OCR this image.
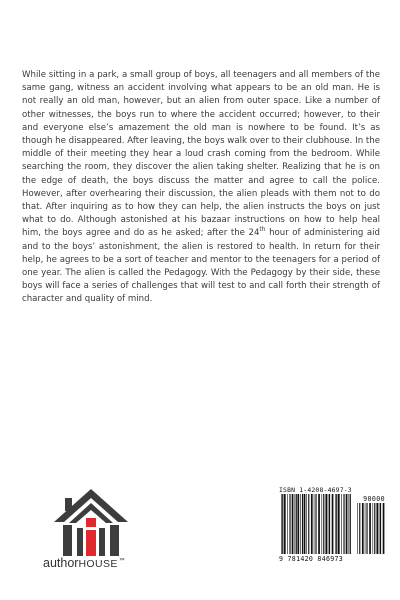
While sitting in a park, a small group of boys, all teenagers and all members of the same gang, witness an accident involving what appears to be an old man. He is not really an old man, however, but an alien from outer space. Like a number of other witnesses, the boys run to where the accident occurred; however, to their and everyone else’s amazement the old man is nowhere to be found. It’s as though he disappeared. After leaving, the boys walk over to their clubhouse. In the middle of their meeting they hear a loud crash coming from the bedroom. While searching the room, they discover the alien taking shelter. Realizing that he is on the edge of death, the boys discuss the matter and agree to call the police. However, after overhearing their discussion, the alien pleads with them not to do that. After inquiring as to how they can help, the alien instructs the boys on just what to do. Although astonished at his bazaar instructions on how to help heal him, the boys agree and do as he asked; after the 24th hour of administering aid and to the boys’ astonishment, the alien is restored to health. In return for their help, he agrees to be a sort of teacher and mentor to the teenagers for a period of one year. The alien is called the Pedagogy. With the Pedagogy by their side, these boys will face a series of challenges that will test to and call forth their strength of character and quality of mind.
authorHOUSE™
ISBN 1-4208-4697-3
90000
9 781420 846973
